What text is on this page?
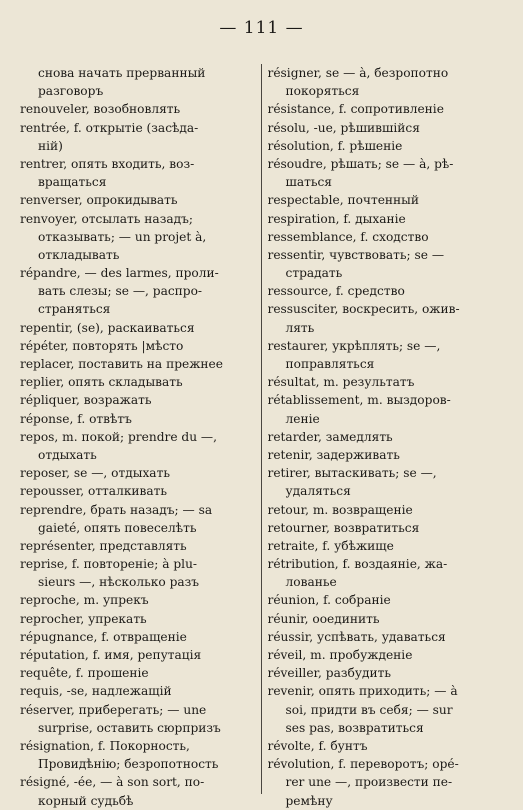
— 111 —
снова начать прерванный
разговоръ
renouveler, возобновлять
rentrée, f. открытіе (засѣда-
ній)
rentrer, опять входить, воз-
вращаться
renverser, опрокидывать
renvoyer, отсылать назадъ;
отказывать; — un projet à,
откладывать
répandre, — des larmes, проли-
вать слезы; se —, распро-
страняться
repentir, (se), раскаиваться
répéter, повторять |мѣсто
replacer, поставить на прежнее
replier, опять складывать
répliquer, возражать
réponse, f. отвѣтъ
repos, m. покой; prendre du —,
отдыхать
reposer, se —, отдыхать
repousser, отталкивать
reprendre, брать назадъ; — sa
gaieté, опять повеселѣть
représenter, представлять
reprise, f. повтореніе; à plu-
sieurs —, нѣсколько разъ
reproche, m. упрекъ
reprocher, упрекать
répugnance, f. отвращеніе
réputation, f. имя, репутація
requête, f. прошеніе
requis, -se, надлежащій
réserver, приберегать; — une
surprise, оставить сюрпризъ
résignation, f. Покорность,
Провидѣнію; безропотность
résigné, -ée, — à son sort, по-
корный судьбѣ
résigner, se — à, безропотно
покоряться
résistance, f. сопротивленіе
résolu, -ue, рѣшившійся
résolution, f. рѣшеніе
résoudre, рѣшать; se — à, рѣ-
шаться
respectable, почтенный
respiration, f. дыханіе
ressemblance, f. сходство
ressentir, чувствовать; se —
страдать
ressource, f. средство
ressusciter, воскресить, ожив-
лять
restaurer, укрѣплять; se —,
поправляться
résultat, m. результатъ
rétablissement, m. выздоров-
леніе
retarder, замедлять
retenir, задерживать
retirer, вытаскивать; se —,
удаляться
retour, m. возвращеніе
retourner, возвратиться
retraite, f. убѣжище
rétribution, f. воздаяніе, жа-
лованье
réunion, f. собраніе
réunir, ооединить
réussir, успѣвать, удаваться
réveil, m. пробужденіе
réveiller, разбудить
revenir, опять приходить; — à
soi, придти въ себя; — sur
ses pas, возвратиться
révolte, f. бунтъ
révolution, f. переворотъ; opé-
rer une —, произвести пе-
ремѣну
